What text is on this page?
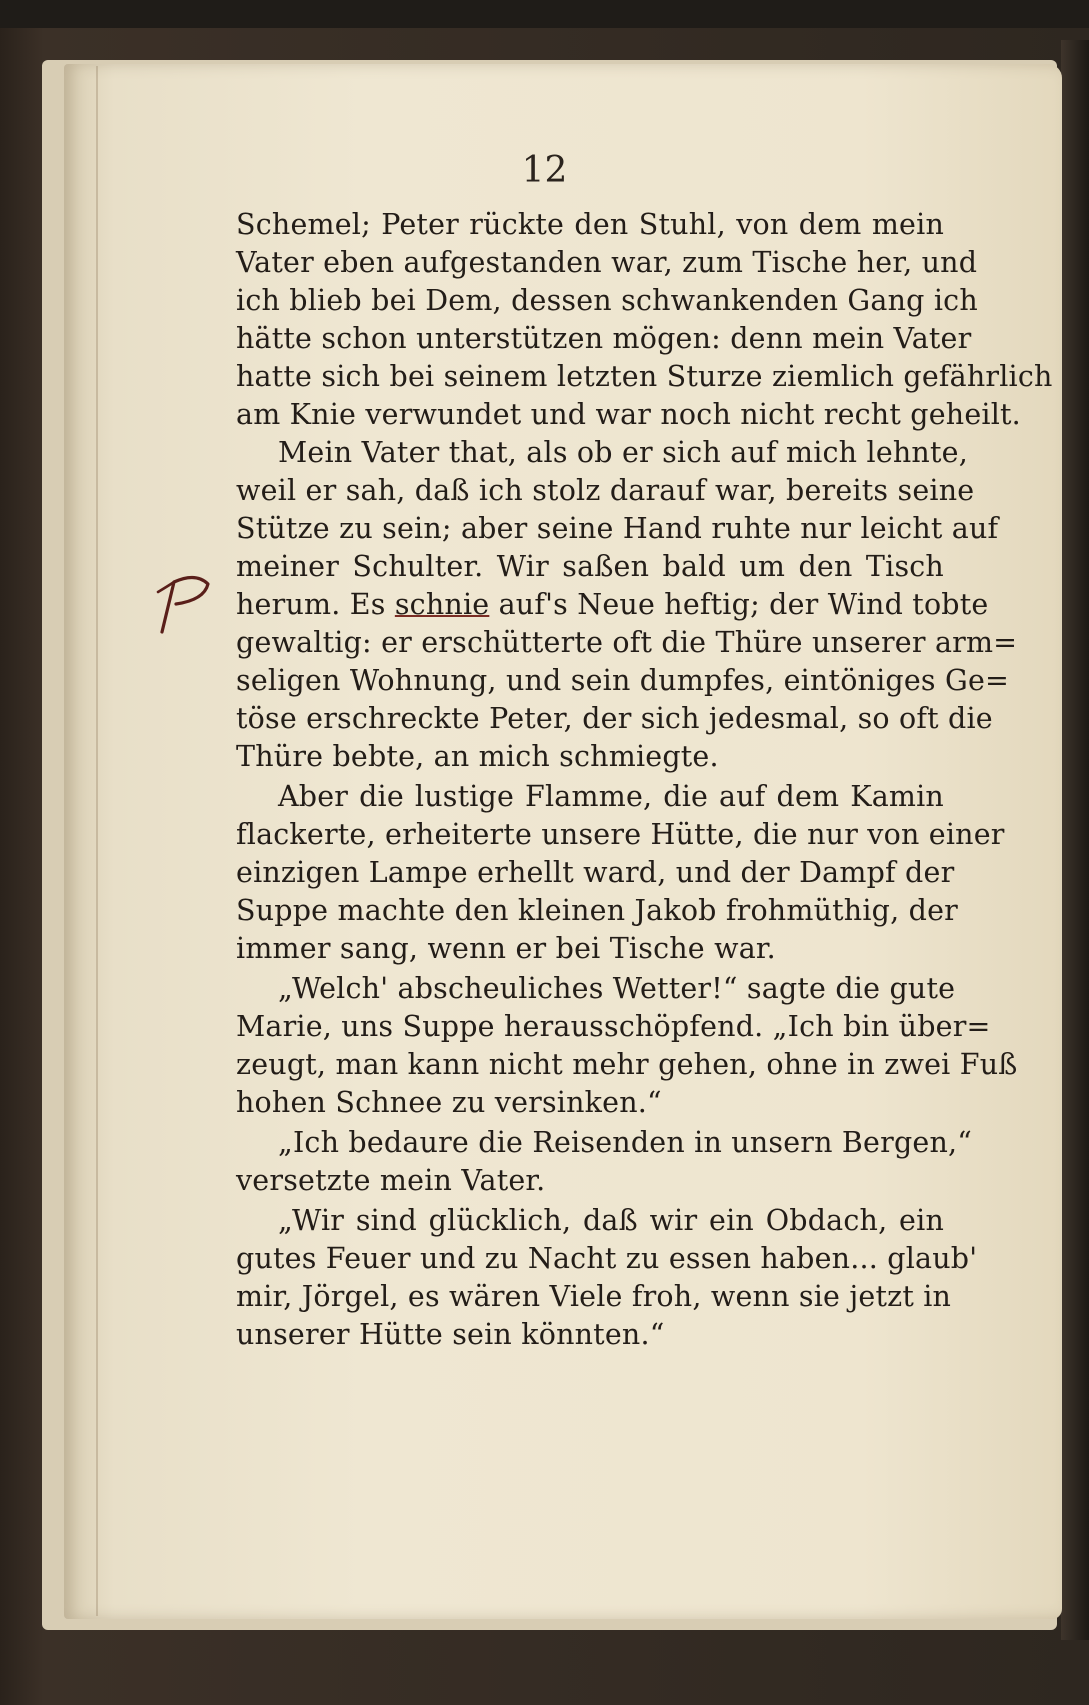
12
Schemel; Peter rückte den Stuhl, von dem mein
Vater eben aufgestanden war, zum Tische her, und
ich blieb bei Dem, dessen schwankenden Gang ich
hätte schon unterstützen mögen: denn mein Vater
hatte sich bei seinem letzten Sturze ziemlich gefährlich
am Knie verwundet und war noch nicht recht geheilt.
Mein Vater that, als ob er sich auf mich lehnte,
weil er sah, daß ich stolz darauf war, bereits seine
Stütze zu sein; aber seine Hand ruhte nur leicht auf
meiner Schulter. Wir saßen bald um den Tisch
herum. Es schnie auf's Neue heftig; der Wind tobte
gewaltig: er erschütterte oft die Thüre unserer arm=
seligen Wohnung, und sein dumpfes, eintöniges Ge=
töse erschreckte Peter, der sich jedesmal, so oft die
Thüre bebte, an mich schmiegte.
Aber die lustige Flamme, die auf dem Kamin
flackerte, erheiterte unsere Hütte, die nur von einer
einzigen Lampe erhellt ward, und der Dampf der
Suppe machte den kleinen Jakob frohmüthig, der
immer sang, wenn er bei Tische war.
„Welch' abscheuliches Wetter!“ sagte die gute
Marie, uns Suppe herausschöpfend. „Ich bin über=
zeugt, man kann nicht mehr gehen, ohne in zwei Fuß
hohen Schnee zu versinken.“
„Ich bedaure die Reisenden in unsern Bergen,“
versetzte mein Vater.
„Wir sind glücklich, daß wir ein Obdach, ein
gutes Feuer und zu Nacht zu essen haben... glaub'
mir, Jörgel, es wären Viele froh, wenn sie jetzt in
unserer Hütte sein könnten.“
